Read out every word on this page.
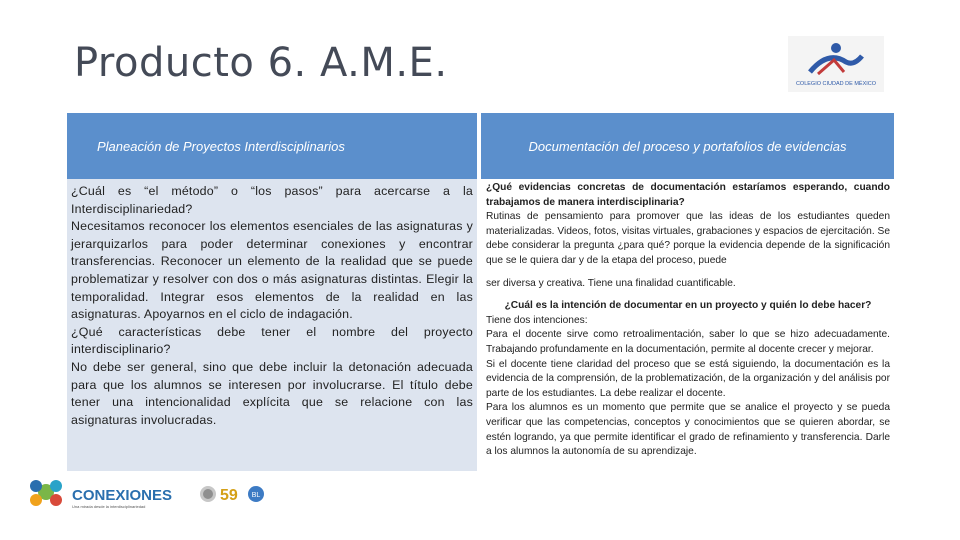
Producto 6. A.M.E.	COLEGIO CIUDAD DE MÉXICO
Planeación de Proyectos Interdisciplinarios	Documentación del proceso y portafolios de evidencias

¿Cuál es “el método” o “los pasos” para acercarse a la Interdisciplinariedad?

Necesitamos reconocer los elementos esenciales de las asignaturas y jerarquizarlos para poder determinar conexiones y encontrar transferencias. Reconocer un elemento de la realidad que se puede problematizar y resolver con dos o más asignaturas distintas. Elegir la temporalidad. Integrar esos elementos de la realidad en las asignaturas. Apoyarnos en el ciclo de indagación.

¿Qué características debe tener el nombre del proyecto interdisciplinario?

No debe ser general, sino que debe incluir la detonación adecuada para que los alumnos se interesen por involucrarse. El título debe tener una intencionalidad explícita que se relacione con las asignaturas involucradas.

¿Qué evidencias concretas de documentación estaríamos esperando, cuando trabajamos de manera interdisciplinaria?

Rutinas de pensamiento para promover que las ideas de los estudiantes queden materializadas. Videos, fotos, visitas virtuales, grabaciones y espacios de ejercitación. Se debe considerar la pregunta ¿para qué? porque la evidencia depende de la significación que se le quiera dar y de la etapa del proceso, puede

ser diversa y creativa. Tiene una finalidad cuantificable.

¿Cuál es la intención de documentar en un proyecto y quién lo debe hacer?

Tiene dos intenciones:

Para el docente sirve como retroalimentación, saber lo que se hizo adecuadamente. Trabajando profundamente en la documentación, permite al docente crecer y mejorar.

Si el docente tiene claridad del proceso que se está siguiendo, la documentación es la evidencia de la comprensión, de la problematización, de la organización y del análisis por parte de los estudiantes. La debe realizar el docente.

Para los alumnos es un momento que permite que se analice el proyecto y se pueda verificar que las competencias, conceptos y conocimientos que se quieren abordar, se estén logrando, ya que permite identificar el grado de refinamiento y transferencia. Darle a los alumnos la autonomía de su aprendizaje.

CONEXIONES
Una mirada desde la interdisciplinariedad
59 BL
